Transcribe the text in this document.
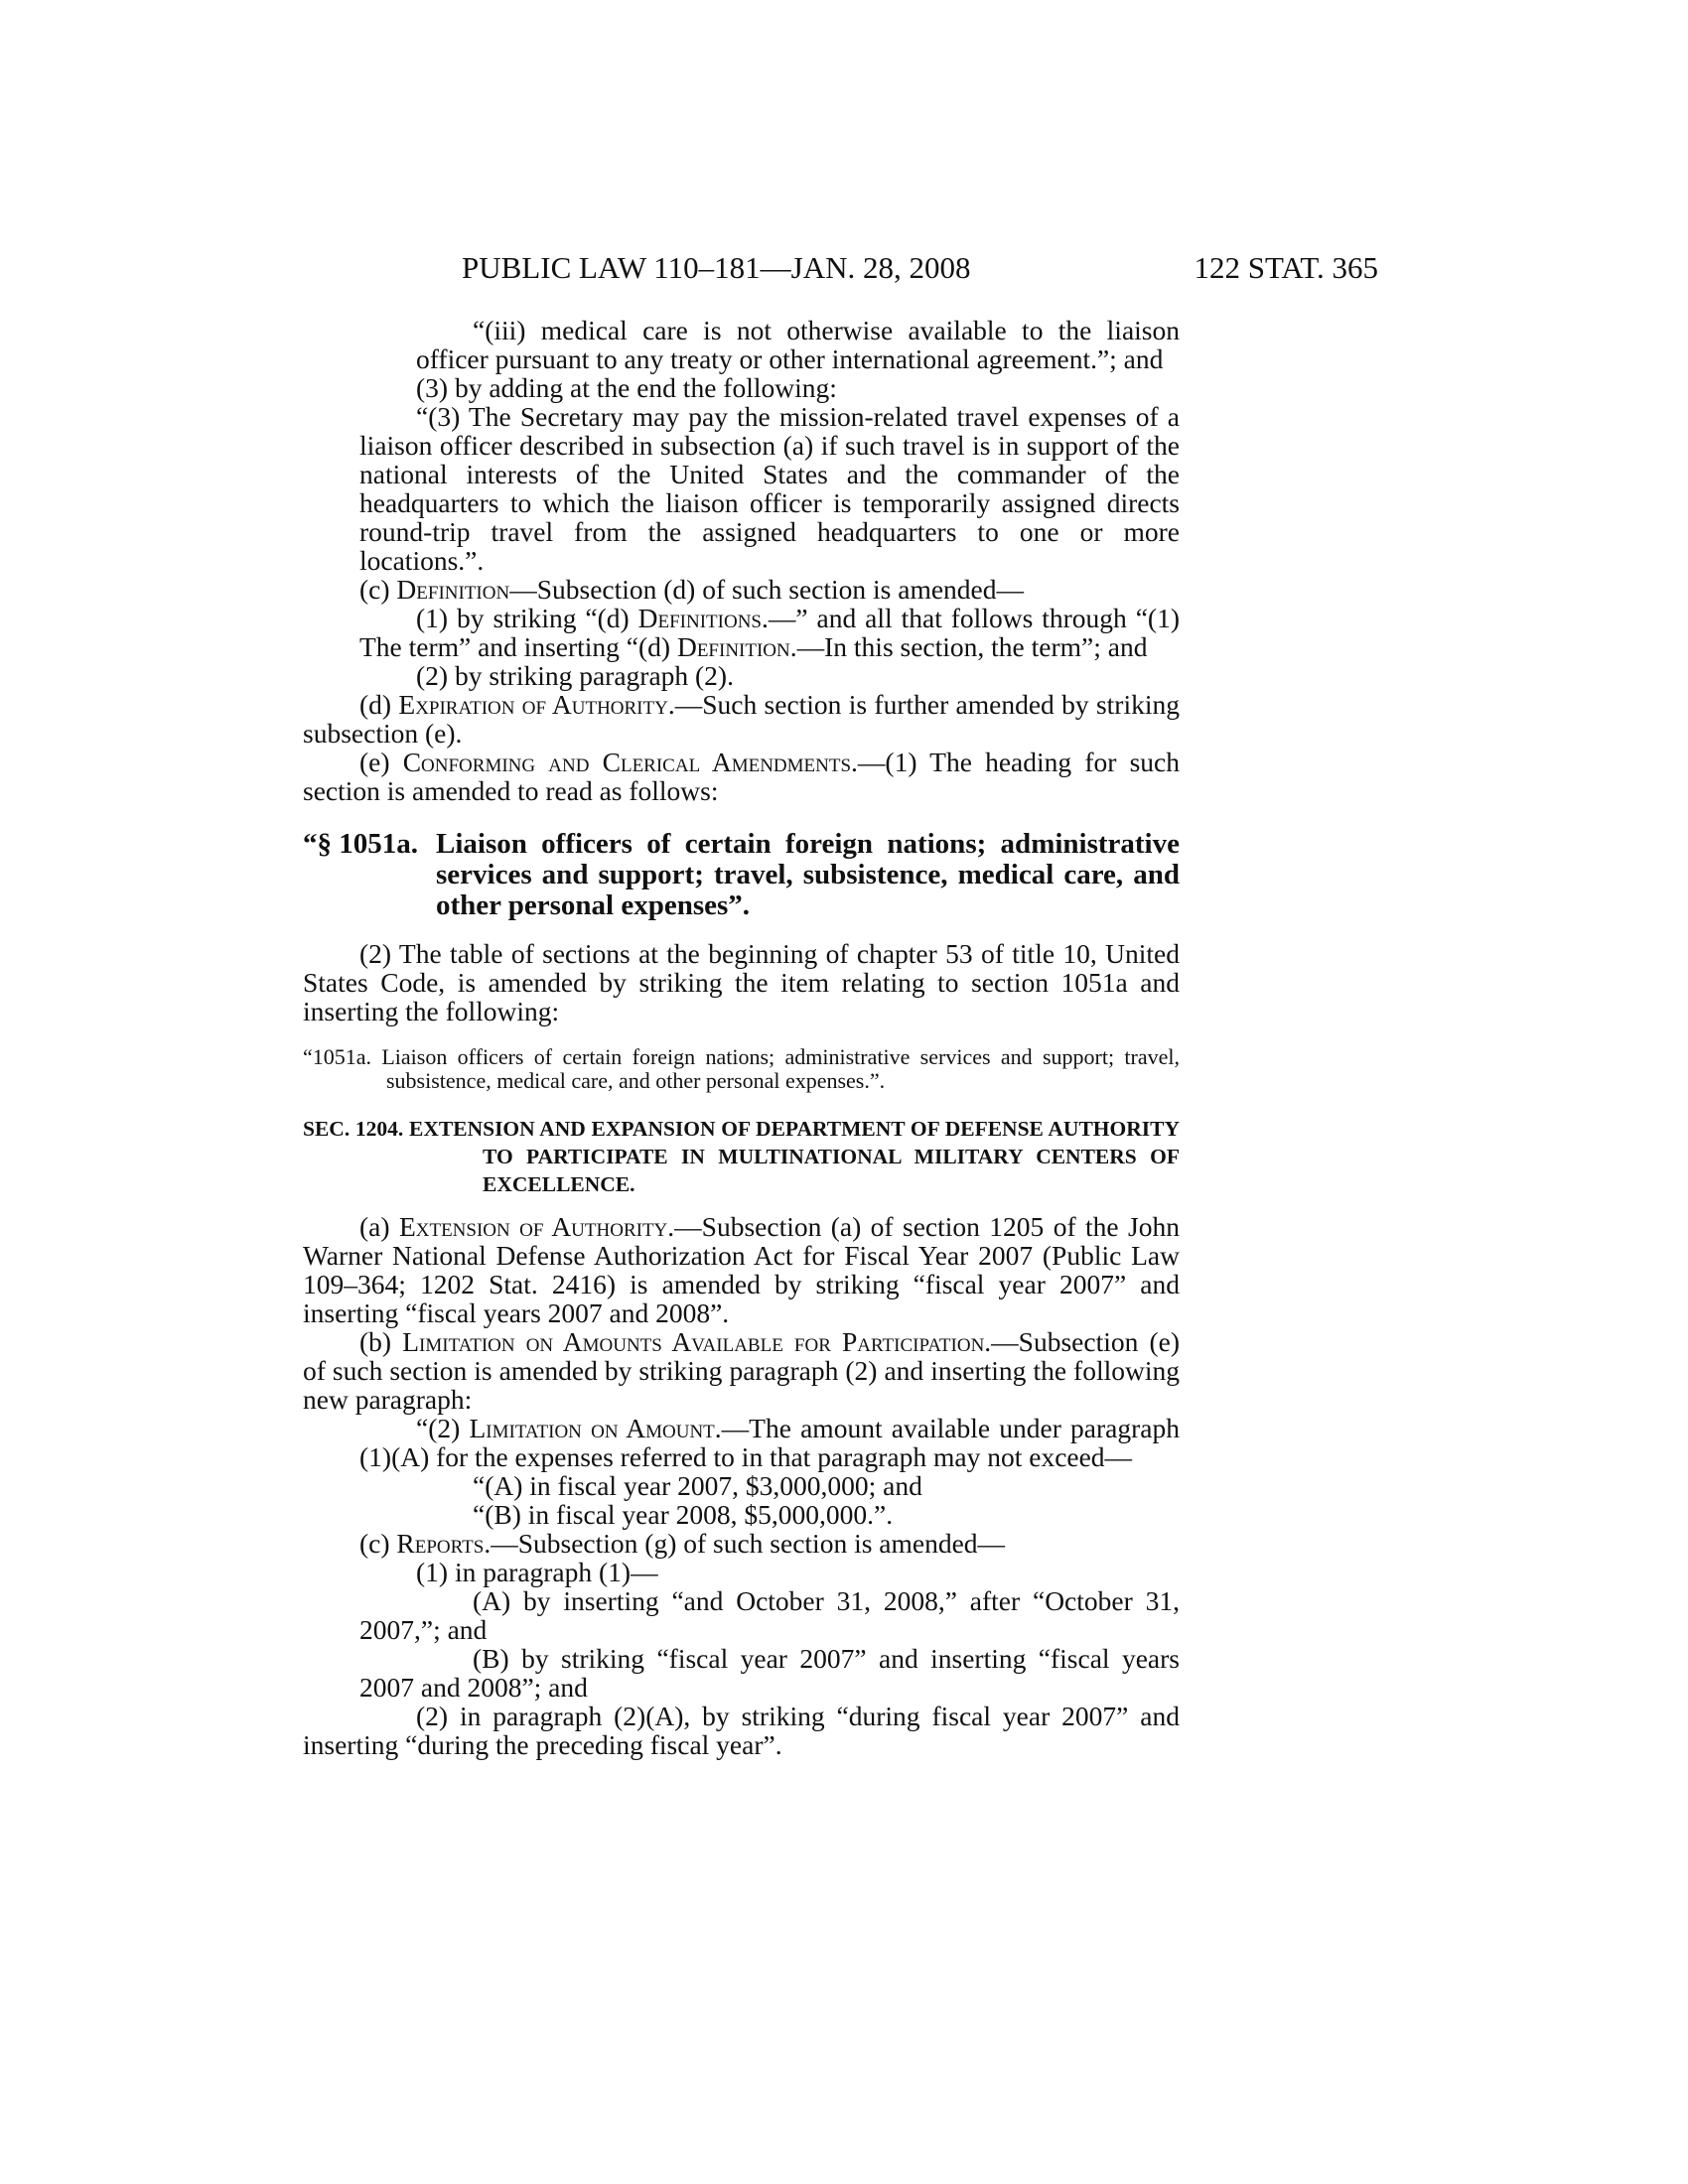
PUBLIC LAW 110–181—JAN. 28, 2008	122 STAT. 365

“(iii) medical care is not otherwise available to the liaison officer pursuant to any treaty or other international agreement.”; and

(3) by adding at the end the following:

“(3) The Secretary may pay the mission-related travel expenses of a liaison officer described in subsection (a) if such travel is in support of the national interests of the United States and the commander of the headquarters to which the liaison officer is temporarily assigned directs round-trip travel from the assigned headquarters to one or more locations.”.

(c) Definition—Subsection (d) of such section is amended—

(1) by striking “(d) Definitions.—” and all that follows through “(1) The term” and inserting “(d) Definition.—In this section, the term”; and

(2) by striking paragraph (2).

(d) Expiration of Authority.—Such section is further amended by striking subsection (e).

(e) Conforming and Clerical Amendments.—(1) The heading for such section is amended to read as follows:

“§ 1051a. Liaison officers of certain foreign nations; administrative services and support; travel, subsistence, medical care, and other personal expenses”.

(2) The table of sections at the beginning of chapter 53 of title 10, United States Code, is amended by striking the item relating to section 1051a and inserting the following:

“1051a. Liaison officers of certain foreign nations; administrative services and support; travel, subsistence, medical care, and other personal expenses.”.
SEC. 1204. EXTENSION AND EXPANSION OF DEPARTMENT OF DEFENSE AUTHORITY TO PARTICIPATE IN MULTINATIONAL MILITARY CENTERS OF EXCELLENCE.

(a) Extension of Authority.—Subsection (a) of section 1205 of the John Warner National Defense Authorization Act for Fiscal Year 2007 (Public Law 109–364; 1202 Stat. 2416) is amended by striking “fiscal year 2007” and inserting “fiscal years 2007 and 2008”.

(b) Limitation on Amounts Available for Participation.—Subsection (e) of such section is amended by striking paragraph (2) and inserting the following new paragraph:

“(2) Limitation on Amount.—The amount available under paragraph (1)(A) for the expenses referred to in that paragraph may not exceed—

“(A) in fiscal year 2007, $3,000,000; and

“(B) in fiscal year 2008, $5,000,000.”.

(c) Reports.—Subsection (g) of such section is amended—

(1) in paragraph (1)—

(A) by inserting “and October 31, 2008,” after “October 31, 2007,”; and

(B) by striking “fiscal year 2007” and inserting “fiscal years 2007 and 2008”; and

(2) in paragraph (2)(A), by striking “during fiscal year 2007” and inserting “during the preceding fiscal year”.
